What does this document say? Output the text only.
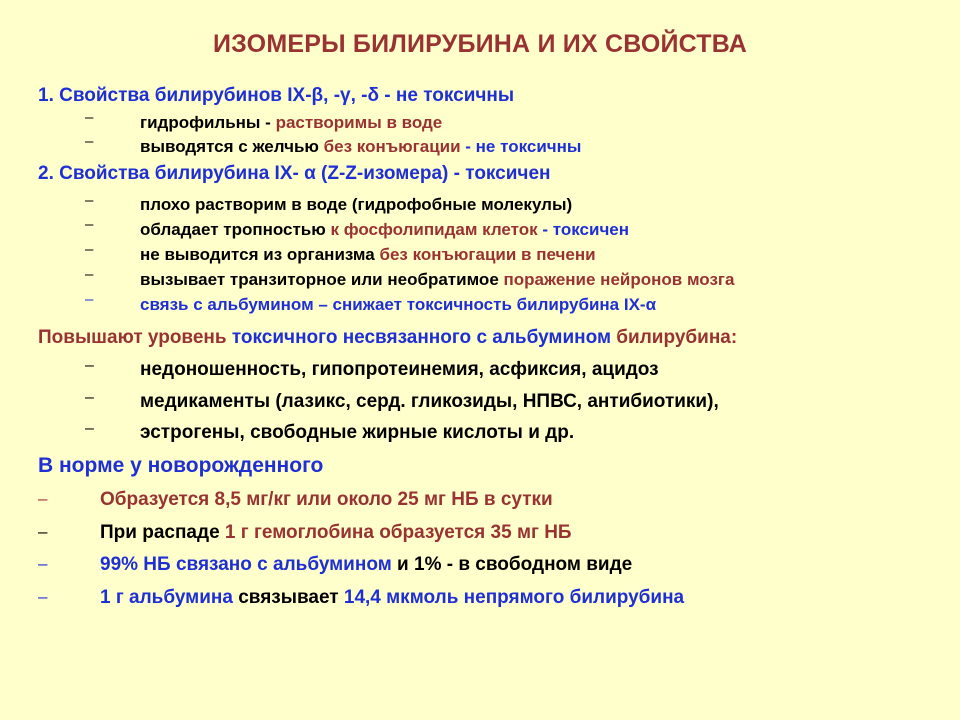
ИЗОМЕРЫ БИЛИРУБИНА И ИХ СВОЙСТВА
1. Свойства билирубинов IX-β, -γ, -δ - не токсичны
–	гидрофильны - растворимы в воде
–	выводятся с желчью без конъюгации - не токсичны
2. Свойства билирубина IX- α (Z-Z-изомера) - токсичен
–	плохо растворим в воде (гидрофобные молекулы)
–	обладает тропностью к фосфолипидам клеток - токсичен
–	не выводится из организма без конъюгации в печени
–	вызывает транзиторное или необратимое поражение нейронов мозга
–	связь с альбумином – снижает токсичность билирубина IX-α
Повышают уровень токсичного несвязанного с альбумином билирубина:
– недоношенность, гипопротеинемия, асфиксия, ацидоз
– медикаменты (лазикс, серд. гликозиды, НПВС, антибиотики),
– эстрогены, свободные жирные кислоты и др.
В норме у новорожденного
–	Образуется 8,5 мг/кг или около 25 мг НБ в сутки
–	При распаде 1 г гемоглобина образуется 35 мг НБ
–	99% НБ связано с альбумином и 1% - в свободном виде
–	1 г альбумина связывает 14,4 мкмоль непрямого билирубина
